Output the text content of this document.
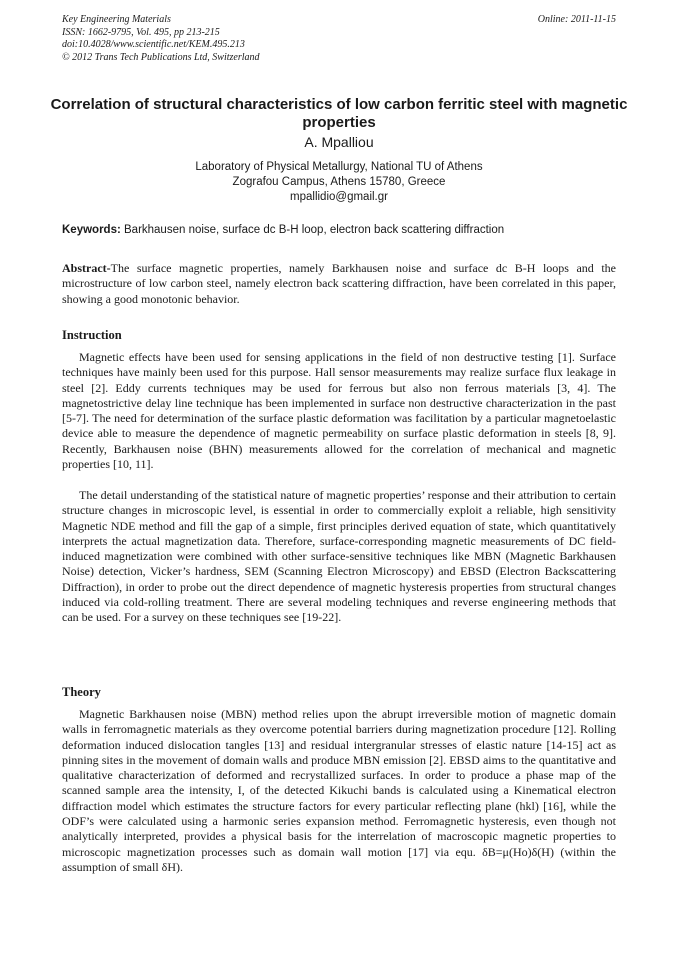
Key Engineering Materials
ISSN: 1662-9795, Vol. 495, pp 213-215
doi:10.4028/www.scientific.net/KEM.495.213
© 2012 Trans Tech Publications Ltd, Switzerland
Online: 2011-11-15
Correlation of structural characteristics of low carbon ferritic steel with magnetic properties
A. Mpalliou
Laboratory of Physical Metallurgy, National TU of Athens
Zografou Campus, Athens 15780, Greece
mpallidio@gmail.gr
Keywords: Barkhausen noise, surface dc B-H loop, electron back scattering diffraction
Abstract-The surface magnetic properties, namely Barkhausen noise and surface dc B-H loops and the microstructure of low carbon steel, namely electron back scattering diffraction, have been correlated in this paper, showing a good monotonic behavior.
Instruction
Magnetic effects have been used for sensing applications in the field of non destructive testing [1]. Surface techniques have mainly been used for this purpose. Hall sensor measurements may realize surface flux leakage in steel [2]. Eddy currents techniques may be used for ferrous but also non ferrous materials [3, 4]. The magnetostrictive delay line technique has been implemented in surface non destructive characterization in the past [5-7]. The need for determination of the surface plastic deformation was facilitation by a particular magnetoelastic device able to measure the dependence of magnetic permeability on surface plastic deformation in steels [8, 9]. Recently, Barkhausen noise (BHN) measurements allowed for the correlation of mechanical and magnetic properties [10, 11].
The detail understanding of the statistical nature of magnetic properties’ response and their attribution to certain structure changes in microscopic level, is essential in order to commercially exploit a reliable, high sensitivity Magnetic NDE method and fill the gap of a simple, first principles derived equation of state, which quantitatively interprets the actual magnetization data. Therefore, surface-corresponding magnetic measurements of DC field-induced magnetization were combined with other surface-sensitive techniques like MBN (Magnetic Barkhausen Noise) detection, Vicker’s hardness, SEM (Scanning Electron Microscopy) and EBSD (Electron Backscattering Diffraction), in order to probe out the direct dependence of magnetic hysteresis properties from structural changes induced via cold-rolling treatment. There are several modeling techniques and reverse engineering methods that can be used. For a survey on these techniques see [19-22].
Theory
Magnetic Barkhausen noise (MBN) method relies upon the abrupt irreversible motion of magnetic domain walls in ferromagnetic materials as they overcome potential barriers during magnetization procedure [12]. Rolling deformation induced dislocation tangles [13] and residual intergranular stresses of elastic nature [14-15] act as pinning sites in the movement of domain walls and produce MBN emission [2]. EBSD aims to the quantitative and qualitative characterization of deformed and recrystallized surfaces. In order to produce a phase map of the scanned sample area the intensity, I, of the detected Kikuchi bands is calculated using a Kinematical electron diffraction model which estimates the structure factors for every particular reflecting plane (hkl) [16], while the ODF’s were calculated using a harmonic series expansion method. Ferromagnetic hysteresis, even though not analytically interpreted, provides a physical basis for the interrelation of macroscopic magnetic properties to microscopic magnetization processes such as domain wall motion [17] via equ. δB=μ(Ho)δ(H) (within the assumption of small δH).
